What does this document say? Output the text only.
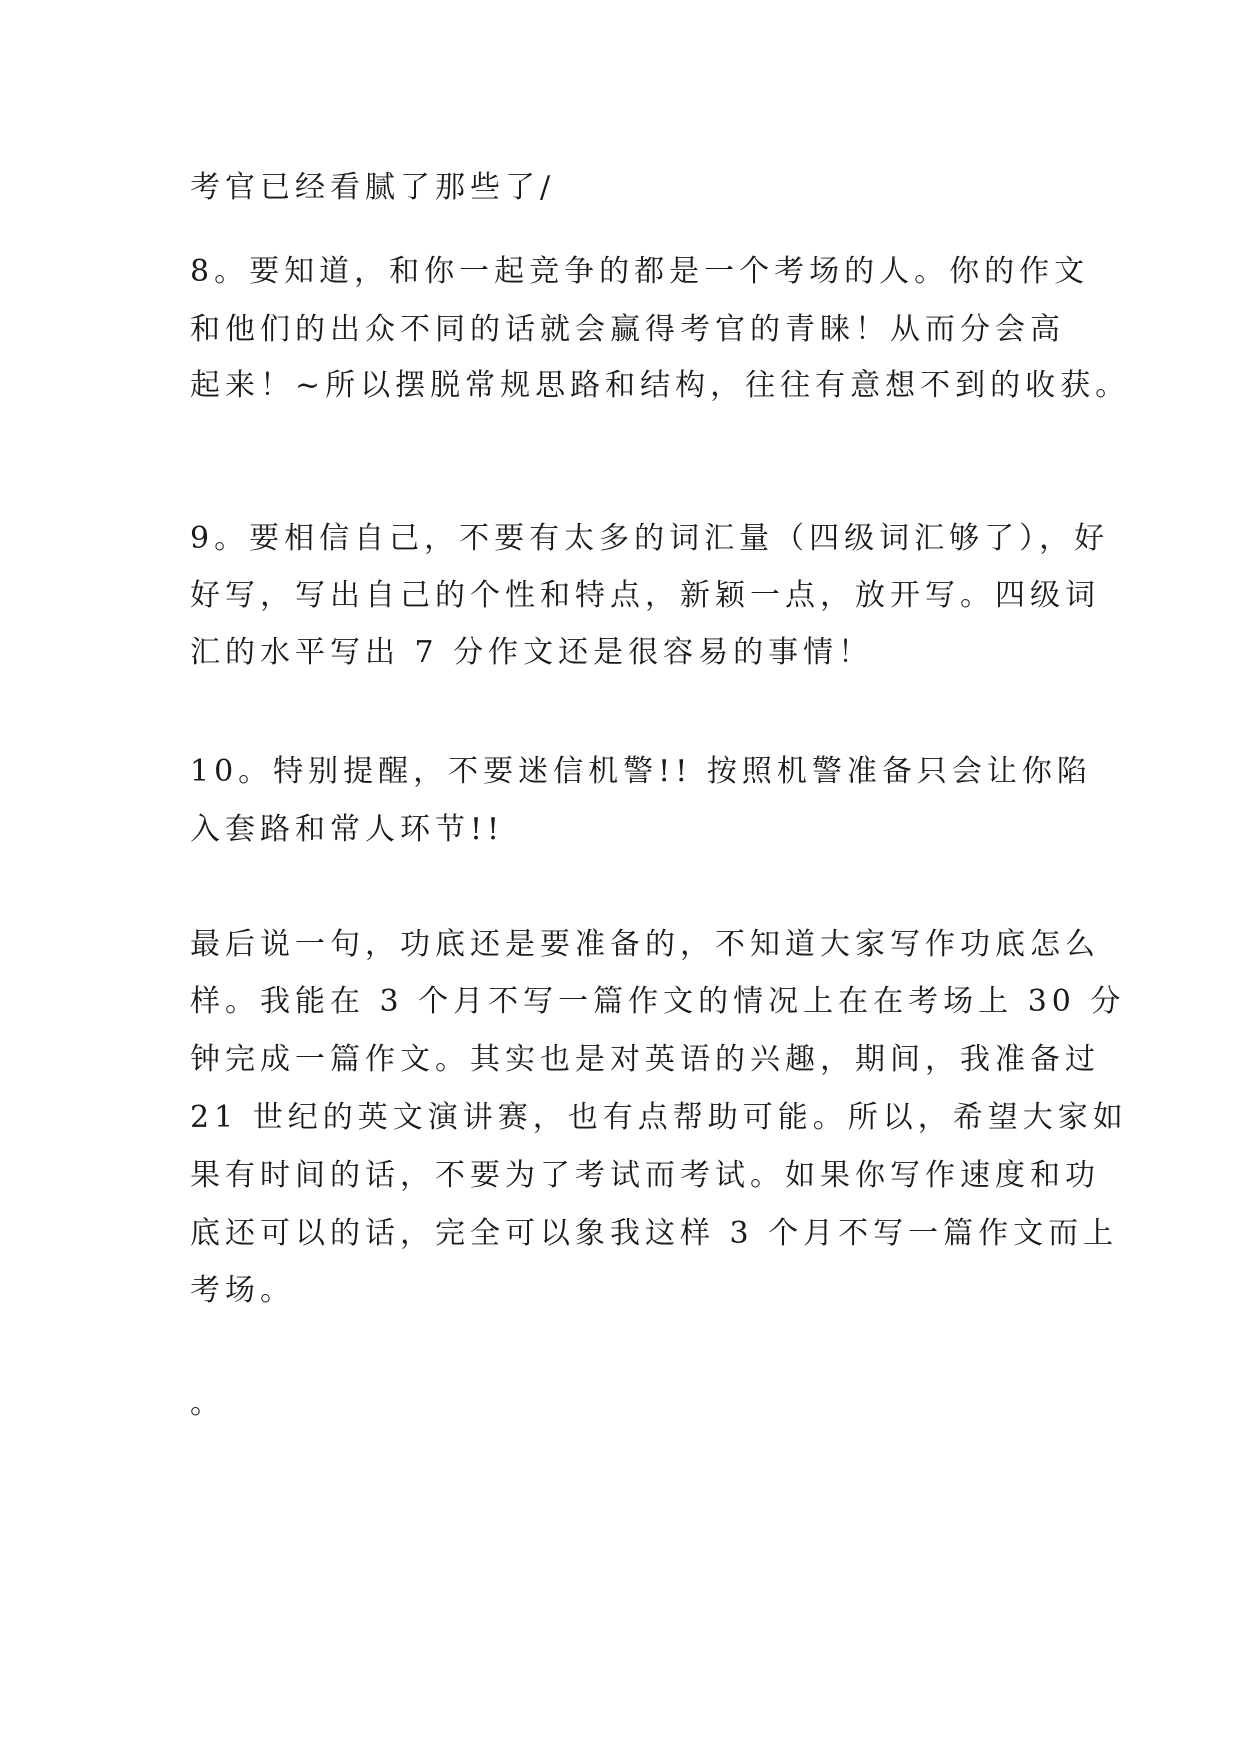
考官已经看腻了那些了/
8。要知道，和你一起竞争的都是一个考场的人。你的作文
和他们的出众不同的话就会赢得考官的青睐！从而分会高
起来！~所以摆脱常规思路和结构，往往有意想不到的收获。
9。要相信自己，不要有太多的词汇量（四级词汇够了），好
好写，写出自己的个性和特点，新颖一点，放开写。四级词
汇的水平写出 7 分作文还是很容易的事情！
10。特别提醒，不要迷信机警!! 按照机警准备只会让你陷
入套路和常人环节!!
最后说一句，功底还是要准备的，不知道大家写作功底怎么
样。我能在 3 个月不写一篇作文的情况上在在考场上 30 分
钟完成一篇作文。其实也是对英语的兴趣，期间，我准备过
21 世纪的英文演讲赛，也有点帮助可能。所以，希望大家如
果有时间的话，不要为了考试而考试。如果你写作速度和功
底还可以的话，完全可以象我这样 3 个月不写一篇作文而上
考场。
。
